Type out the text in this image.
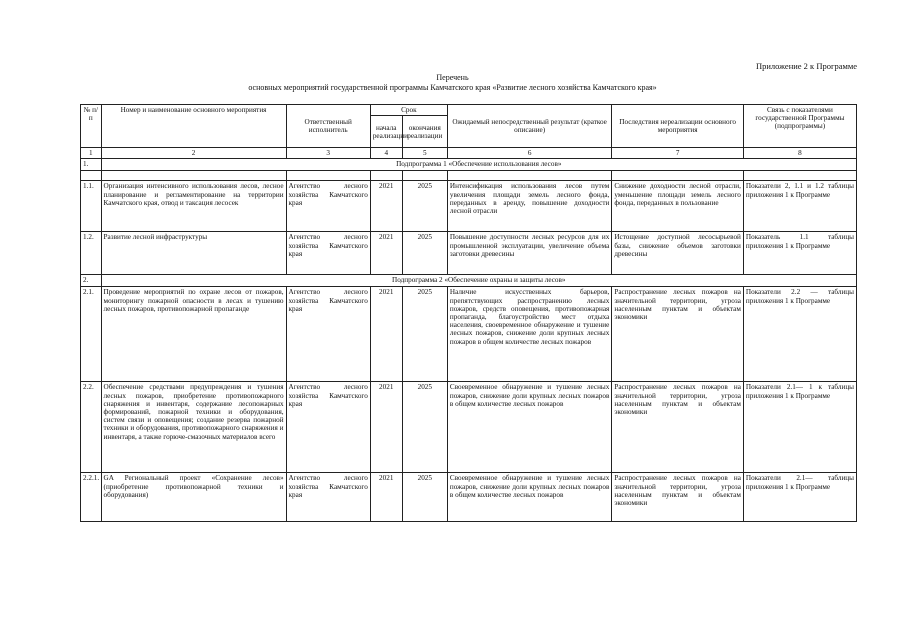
Приложение 2 к Программе
Перечень
основных мероприятий государственной программы Камчатского края «Развитие лесного хозяйства Камчатского края»
№ п/п	Номер и наименование основного мероприятия	Ответственный исполнитель	Срок		Ожидаемый непосредственный результат (краткое описание)	Последствия нереализации основного мероприятия	Связь с показателями государственной Программы (подпрограммы)
			начала реализации	окончания реализации			
1	2	3	4	5	6	7	8
1.	Подпрограмма 1 «Обеспечение использования лесов»						

1.1.	Организация интенсивного использования лесов, лесное планирование и регламентирование на территории Камчатского края, отвод и таксация лесосек	Агентство лесного хозяйства Камчатского края	2021	2025	Интенсификация использования лесов путем увеличения площади земель лесного фонда, переданных в аренду, повышение доходности лесной отрасли	Снижение доходности лесной отрасли, уменьшение площади земель лесного фонда, переданных в пользование	Показатели 2, 1.1 и 1.2 таблицы приложения 1 к Программе
1.2.	Развитие лесной инфраструктуры	Агентство лесного хозяйства Камчатского края	2021	2025	Повышение доступности лесных ресурсов для их промышленной эксплуатации, увеличение объема заготовки древесины	Истощение доступной лесосырьевой базы, снижение объемов заготовки древесины	Показатель 1.1 таблицы приложения 1 к Программе
2.	Подпрограмма 2 «Обеспечение охраны и защиты лесов»						
2.1.	Проведение мероприятий по охране лесов от пожаров, мониторингу пожарной опасности в лесах и тушению лесных пожаров, противопожарной пропаганде	Агентство лесного хозяйства Камчатского края	2021	2025	Наличие искусственных барьеров, препятствующих распространению лесных пожаров, средств оповещения, противопожарная пропаганда, благоустройство мест отдыха населения, своевременное обнаружение и тушение лесных пожаров, снижение доли крупных лесных пожаров в общем количестве лесных пожаров	Распространение лесных пожаров на значительной территории, угроза населенным пунктам и объектам экономики	Показатели 2.2 — таблицы приложения 1 к Программе
2.2.	Обеспечение средствами предупреждения и тушения лесных пожаров, приобретение противопожарного снаряжения и инвентаря, содержание лесопожарных формирований, пожарной техники и оборудования, систем связи и оповещения; создание резерва пожарной техники и оборудования, противопожарного снаряжения и инвентаря, а также горюче-смазочных материалов всего	Агентство лесного хозяйства Камчатского края	2021	2025	Своевременное обнаружение и тушение лесных пожаров, снижение доли крупных лесных пожаров в общем количестве лесных пожаров	Распространение лесных пожаров на значительной территории, угроза населенным пунктам и объектам экономики	Показатели 2.1— 1 к таблицы приложения 1 к Программе
2.2.1.	GA Региональный проект «Сохранение лесов» (приобретение противопожарной техники и оборудования)	Агентство лесного хозяйства Камчатского края	2021	2025	Своевременное обнаружение и тушение лесных пожаров, снижение доли крупных лесных пожаров в общем количестве лесных пожаров	Распространение лесных пожаров на значительной территории, угроза населенным пунктам и объектам экономики	Показатели 2.1— таблицы приложения 1 к Программе
